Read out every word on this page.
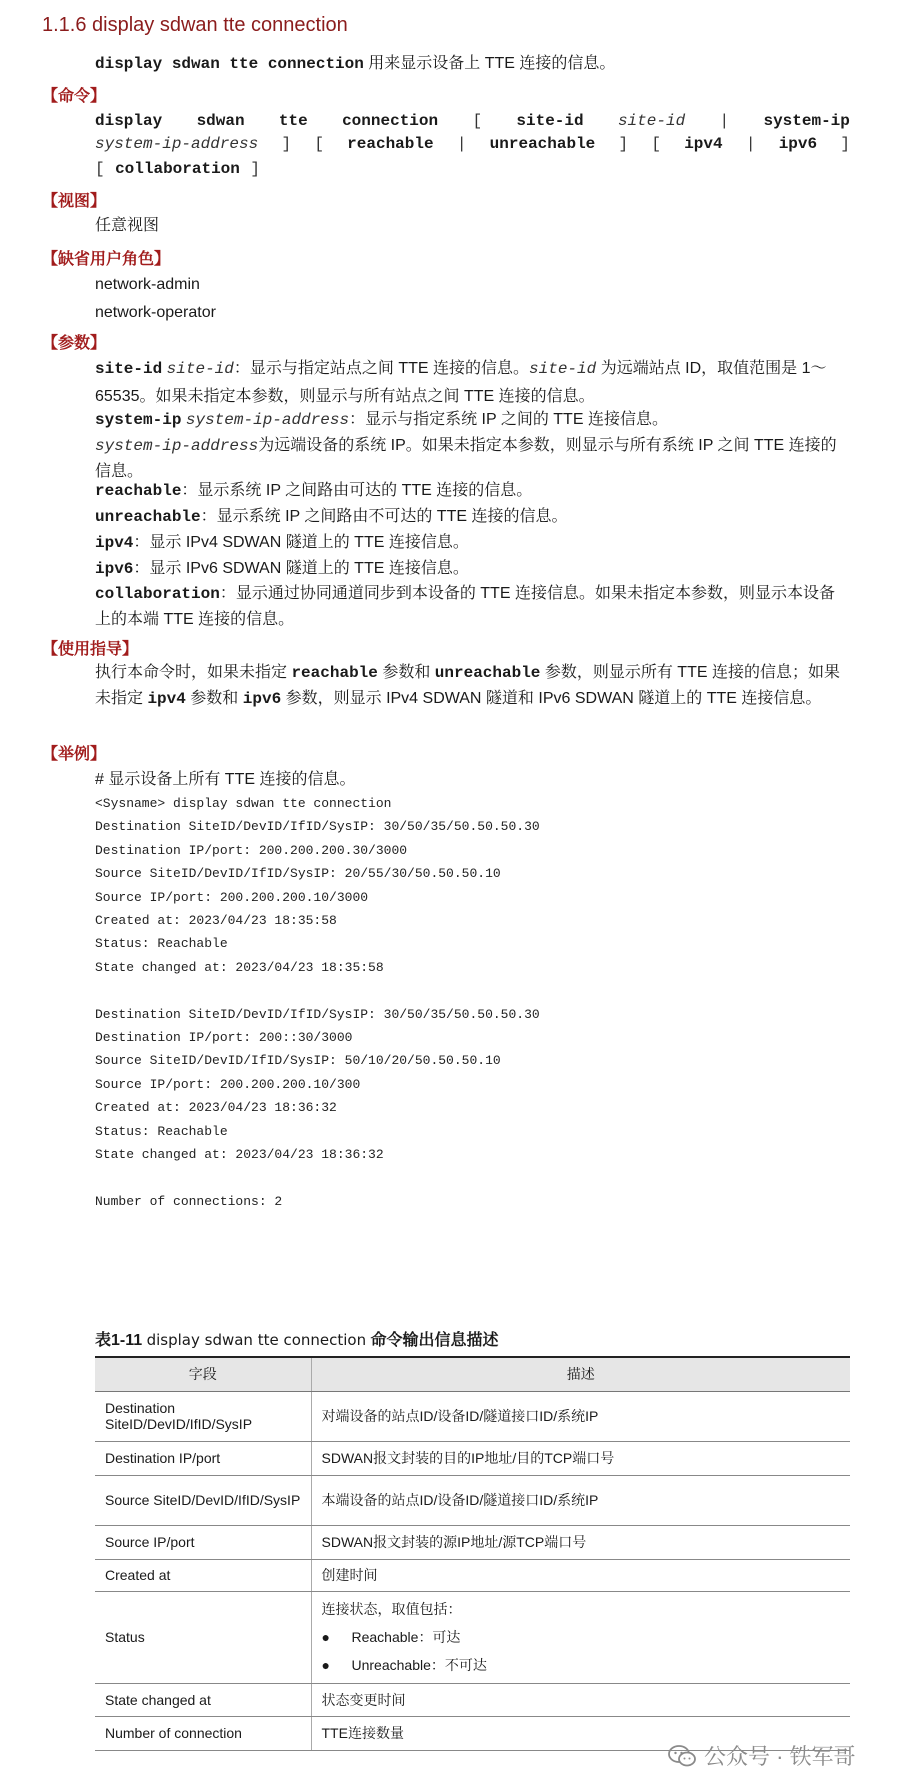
1.1.6 display sdwan tte connection
display sdwan tte connection 用来显示设备上 TTE 连接的信息。
【命令】
display sdwan tte connection [ site-id site-id | system-ip
system-ip-address ] [ reachable | unreachable ] [ ipv4 | ipv6 ]
[ collaboration ]
【视图】
任意视图
【缺省用户角色】
network-admin
network-operator
【参数】
site-id site-id：显示与指定站点之间 TTE 连接的信息。site-id 为远端站点 ID，取值范围是 1～65535。如果未指定本参数，则显示与所有站点之间 TTE 连接的信息。
system-ip system-ip-address：显示与指定系统 IP 之间的 TTE 连接信息。
system-ip-address为远端设备的系统 IP。如果未指定本参数，则显示与所有系统 IP 之间 TTE 连接的信息。
reachable：显示系统 IP 之间路由可达的 TTE 连接的信息。
unreachable：显示系统 IP 之间路由不可达的 TTE 连接的信息。
ipv4：显示 IPv4 SDWAN 隧道上的 TTE 连接信息。
ipv6：显示 IPv6 SDWAN 隧道上的 TTE 连接信息。
collaboration：显示通过协同通道同步到本设备的 TTE 连接信息。如果未指定本参数，则显示本设备上的本端 TTE 连接的信息。
【使用指导】
执行本命令时，如果未指定 reachable 参数和 unreachable 参数，则显示所有 TTE 连接的信息；如果未指定 ipv4 参数和 ipv6 参数，则显示 IPv4 SDWAN 隧道和 IPv6 SDWAN 隧道上的 TTE 连接信息。
【举例】
# 显示设备上所有 TTE 连接的信息。
<Sysname> display sdwan tte connection
Destination SiteID/DevID/IfID/SysIP: 30/50/35/50.50.50.30
Destination IP/port: 200.200.200.30/3000
Source SiteID/DevID/IfID/SysIP: 20/55/30/50.50.50.10
Source IP/port: 200.200.200.10/3000
Created at: 2023/04/23 18:35:58
Status: Reachable
State changed at: 2023/04/23 18:35:58

Destination SiteID/DevID/IfID/SysIP: 30/50/35/50.50.50.30
Destination IP/port: 200::30/3000
Source SiteID/DevID/IfID/SysIP: 50/10/20/50.50.50.10
Source IP/port: 200.200.200.10/300
Created at: 2023/04/23 18:36:32
Status: Reachable
State changed at: 2023/04/23 18:36:32

Number of connections: 2
表1-11 display sdwan tte connection 命令输出信息描述
字段	描述
Destination SiteID/DevID/IfID/SysIP	对端设备的站点ID/设备ID/隧道接口ID/系统IP
Destination IP/port	SDWAN报文封装的目的IP地址/目的TCP端口号
Source SiteID/DevID/IfID/SysIP	本端设备的站点ID/设备ID/隧道接口ID/系统IP
Source IP/port	SDWAN报文封装的源IP地址/源TCP端口号
Created at	创建时间
Status	连接状态，取值包括：
● Reachable：可达
● Unreachable：不可达

State changed at	状态变更时间
Number of connection	TTE连接数量
公众号 · 铁军哥
